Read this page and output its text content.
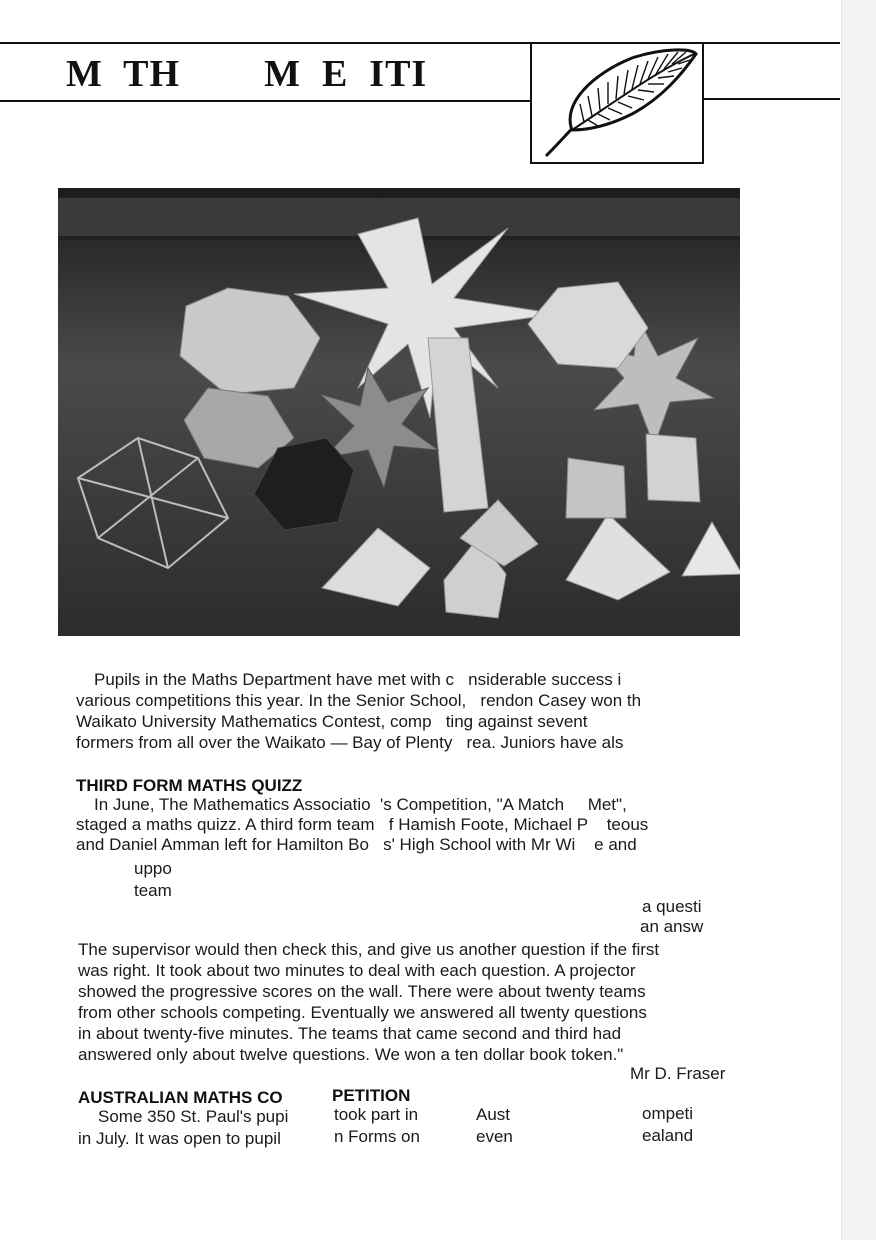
M  TH        M  E  ITI
Pupils in the Maths Department have met with c   nsiderable success i
various competitions this year. In the Senior School,   rendon Casey won th
Waikato University Mathematics Contest, comp   ting against sevent
formers from all over the Waikato — Bay of Plenty   rea. Juniors have als
THIRD FORM MATHS QUIZZ
In June, The Mathematics Associatio  's Competition, "A Match     Met",
staged a maths quizz. A third form team   f Hamish Foote, Michael P    teous
and Daniel Amman left for Hamilton Bo   s' High School with Mr Wi    e and
uppo
team
a questi
an answ
The supervisor would then check this, and give us another question if the first
was right. It took about two minutes to deal with each question. A projector
showed the progressive scores on the wall. There were about twenty teams
from other schools competing. Eventually we answered all twenty questions
in about twenty-five minutes. The teams that came second and third had
answered only about twelve questions. We won a ten dollar book token."
Mr D. Fraser
AUSTRALIAN MATHS CO	PETITION
Some 350 St. Paul's pupi	took part in	Aust	ompeti
in July. It was open to pupil	n Forms on	even	ealand
